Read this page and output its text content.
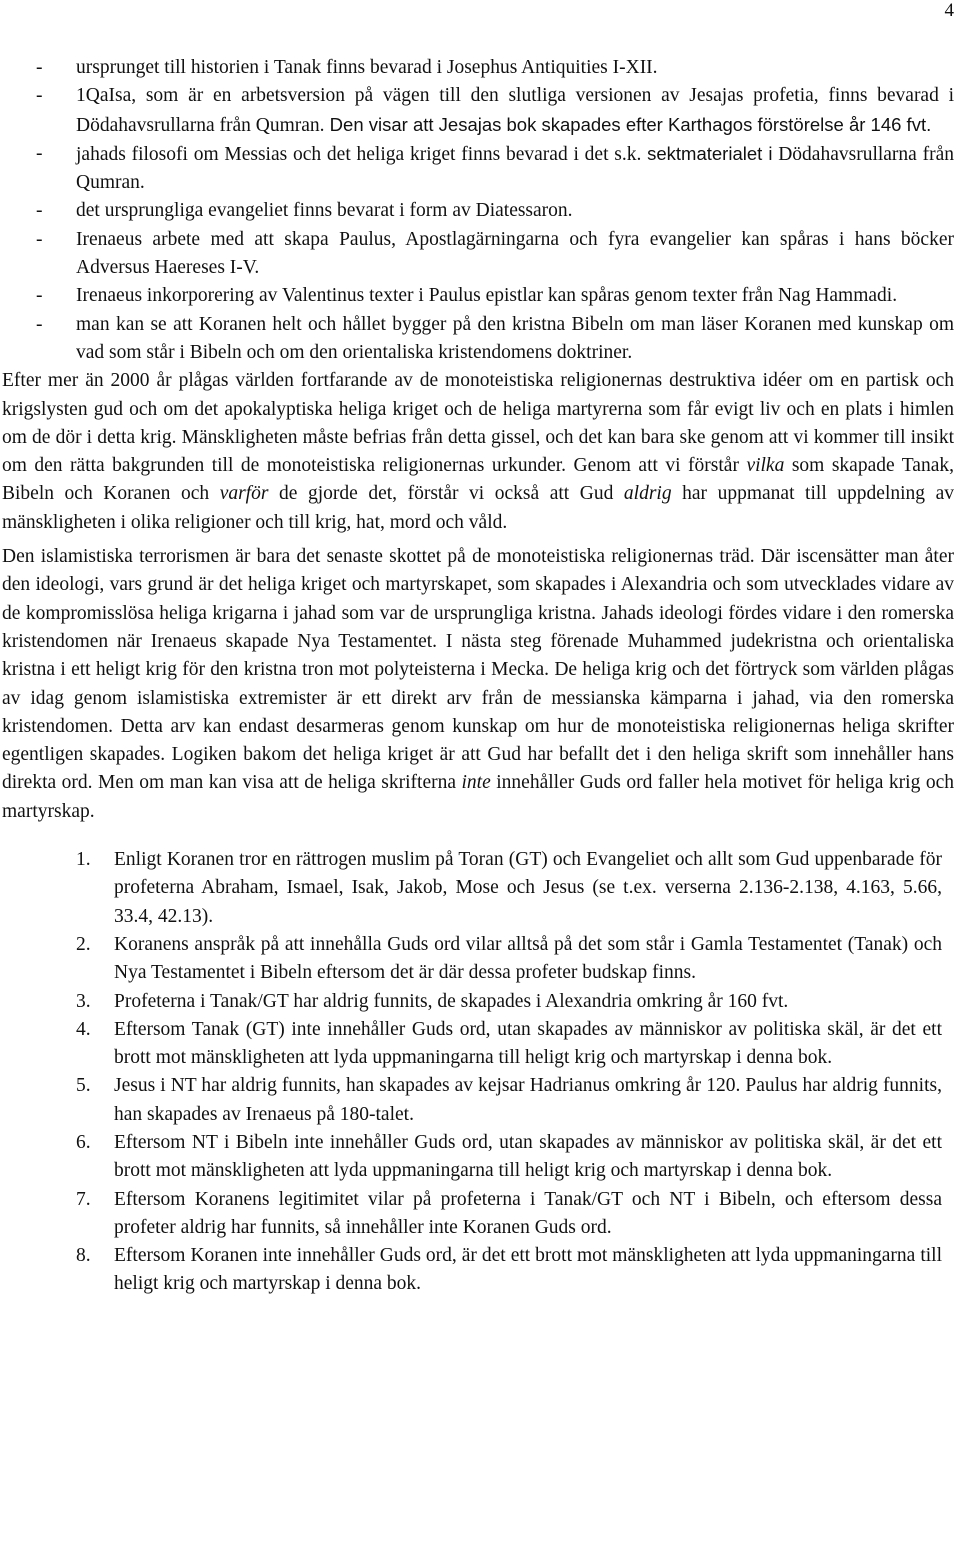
4
- ursprunget till historien i Tanak finns bevarad i Josephus Antiquities I-XII.
- 1QaIsa, som är en arbetsversion på vägen till den slutliga versionen av Jesajas profetia, finns bevarad i Dödahavsrullarna från Qumran. Den visar att Jesajas bok skapades efter Karthagos förstörelse år 146 fvt.
- jahads filosofi om Messias och det heliga kriget finns bevarad i det s.k. sektmaterialet i Dödahavsrullarna från Qumran.
- det ursprungliga evangeliet finns bevarat i form av Diatessaron.
- Irenaeus arbete med att skapa Paulus, Apostlagärningarna och fyra evangelier kan spåras i hans böcker Adversus Haereses I-V.
- Irenaeus inkorporering av Valentinus texter i Paulus epistlar kan spåras genom texter från Nag Hammadi.
- man kan se att Koranen helt och hållet bygger på den kristna Bibeln om man läser Koranen med kunskap om vad som står i Bibeln och om den orientaliska kristendomens doktriner.

Efter mer än 2000 år plågas världen fortfarande av de monoteistiska religionernas destruktiva idéer om en partisk och krigslysten gud och om det apokalyptiska heliga kriget och de heliga martyrerna som får evigt liv och en plats i himlen om de dör i detta krig. Mänskligheten måste befrias från detta gissel, och det kan bara ske genom att vi kommer till insikt om den rätta bakgrunden till de monoteistiska religionernas urkunder. Genom att vi förstår vilka som skapade Tanak, Bibeln och Koranen och varför de gjorde det, förstår vi också att Gud aldrig har uppmanat till uppdelning av mänskligheten i olika religioner och till krig, hat, mord och våld.

Den islamistiska terrorismen är bara det senaste skottet på de monoteistiska religionernas träd. Där iscensätter man åter den ideologi, vars grund är det heliga kriget och martyrskapet, som skapades i Alexandria och som utvecklades vidare av de kompromisslösa heliga krigarna i jahad som var de ursprungliga kristna. Jahads ideologi fördes vidare i den romerska kristendomen när Irenaeus skapade Nya Testamentet. I nästa steg förenade Muhammed judekristna och orientaliska kristna i ett heligt krig för den kristna tron mot polyteisterna i Mecka. De heliga krig och det förtryck som världen plågas av idag genom islamistiska extremister är ett direkt arv från de messianska kämparna i jahad, via den romerska kristendomen. Detta arv kan endast desarmeras genom kunskap om hur de monoteistiska religionernas heliga skrifter egentligen skapades. Logiken bakom det heliga kriget är att Gud har befallt det i den heliga skrift som innehåller hans direkta ord. Men om man kan visa att de heliga skrifterna inte innehåller Guds ord faller hela motivet för heliga krig och martyrskap.

1. Enligt Koranen tror en rättrogen muslim på Toran (GT) och Evangeliet och allt som Gud uppenbarade för profeterna Abraham, Ismael, Isak, Jakob, Mose och Jesus (se t.ex. verserna 2.136-2.138, 4.163, 5.66, 33.4, 42.13).
2. Koranens anspråk på att innehålla Guds ord vilar alltså på det som står i Gamla Testamentet (Tanak) och Nya Testamentet i Bibeln eftersom det är där dessa profeter budskap finns.
3. Profeterna i Tanak/GT har aldrig funnits, de skapades i Alexandria omkring år 160 fvt.
4. Eftersom Tanak (GT) inte innehåller Guds ord, utan skapades av människor av politiska skäl, är det ett brott mot mänskligheten att lyda uppmaningarna till heligt krig och martyrskap i denna bok.
5. Jesus i NT har aldrig funnits, han skapades av kejsar Hadrianus omkring år 120. Paulus har aldrig funnits, han skapades av Irenaeus på 180-talet.
6. Eftersom NT i Bibeln inte innehåller Guds ord, utan skapades av människor av politiska skäl, är det ett brott mot mänskligheten att lyda uppmaningarna till heligt krig och martyrskap i denna bok.
7. Eftersom Koranens legitimitet vilar på profeterna i Tanak/GT och NT i Bibeln, och eftersom dessa profeter aldrig har funnits, så innehåller inte Koranen Guds ord.
8. Eftersom Koranen inte innehåller Guds ord, är det ett brott mot mänskligheten att lyda uppmaningarna till heligt krig och martyrskap i denna bok.
